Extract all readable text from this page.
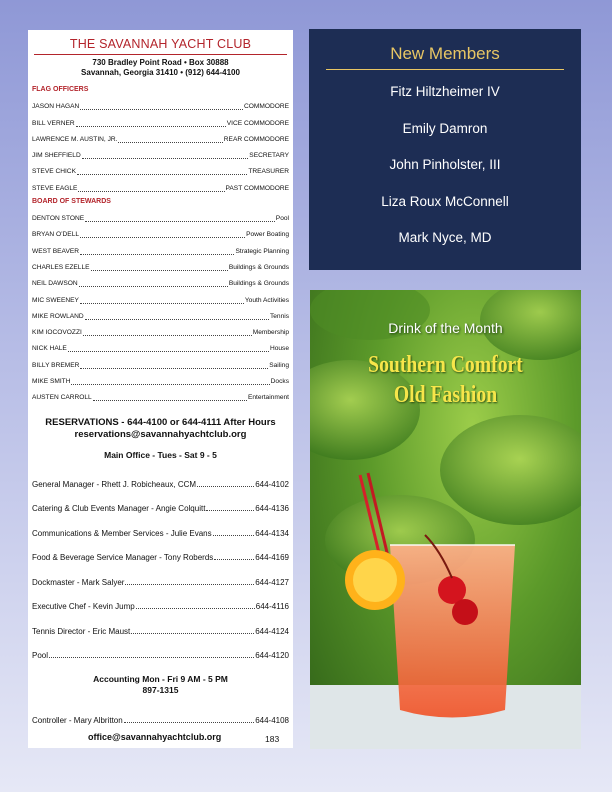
THE SAVANNAH YACHT CLUB
730 Bradley Point Road • Box 30888
Savannah, Georgia 31410 • (912) 644-4100
FLAG OFFICERS
JASON HAGAN	COMMODORE
BILL VERNER	VICE COMMODORE
LAWRENCE M. AUSTIN, JR.	REAR COMMODORE
JIM SHEFFIELD	SECRETARY
STEVE CHICK	TREASURER
STEVE EAGLE	PAST COMMODORE
BOARD OF STEWARDS
DENTON STONE	Pool
BRYAN O’DELL	Power Boating
WEST BEAVER	Strategic Planning
CHARLES EZELLE	Buildings & Grounds
NEIL DAWSON	Buildings & Grounds
MIC SWEENEY	Youth Activities
MIKE ROWLAND	Tennis
KIM IOCOVOZZI	Membership
NICK HALE	House
BILLY BREMER	Sailing
MIKE SMITH	Docks
AUSTEN CARROLL	Entertainment
RESERVATIONS - 644-4100 or 644-4111 After Hours
reservations@savannahyachtclub.org
Main Office - Tues - Sat 9 - 5
General Manager - Rhett J. Robicheaux, CCM	644-4102
Catering & Club Events Manager - Angie Colquitt	644-4136
Communications & Member Services - Julie Evans	644-4134
Food & Beverage Service Manager - Tony Roberds	644-4169
Dockmaster - Mark Salyer	644-4127
Executive Chef - Kevin Jump	644-4116
Tennis Director - Eric Maust	644-4124
Pool	644-4120
Accounting Mon - Fri 9 AM - 5 PM
897-1315
Controller - Mary Albritton	644-4108
office@savannahyachtclub.org	183
New Members
Fitz Hiltzheimer IV
Emily Damron
John Pinholster, III
Liza Roux McConnell
Mark Nyce, MD
Drink of the Month
Southern Comfort
Old Fashion
